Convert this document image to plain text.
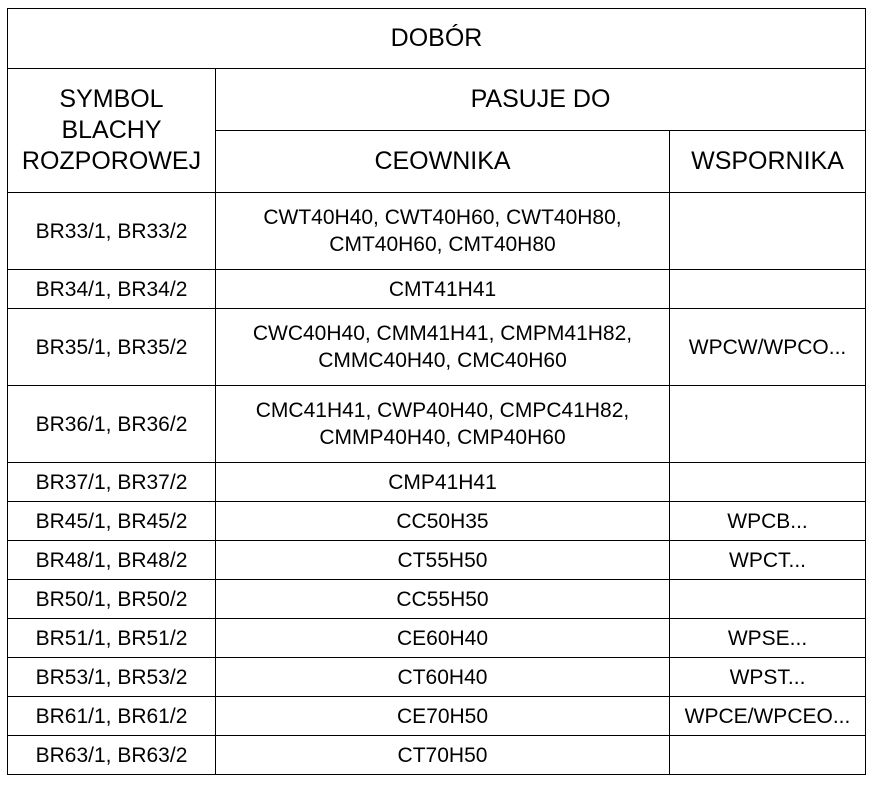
DOBÓR		

SYMBOL
BLACHY
ROZPOROWEJ	PASUJE DO	
	CEOWNIKA	WSPORNIKA
BR33/1, BR33/2	CWT40H40, CWT40H60, CWT40H80,
CMT40H60, CMT40H80	

BR34/1, BR34/2	CMT41H41	

BR35/1, BR35/2	CWC40H40, CMM41H41, CMPM41H82,
CMMC40H40, CMC40H60	WPCW/WPCO...
BR36/1, BR36/2	CMC41H41, CWP40H40, CMPC41H82,
CMMP40H40, CMP40H60	

BR37/1, BR37/2	CMP41H41	

BR45/1, BR45/2	CC50H35	WPCB...
BR48/1, BR48/2	CT55H50	WPCT...
BR50/1, BR50/2	CC55H50	

BR51/1, BR51/2	CE60H40	WPSE...
BR53/1, BR53/2	CT60H40	WPST...
BR61/1, BR61/2	CE70H50	WPCE/WPCEO...
BR63/1, BR63/2	CT70H50	
